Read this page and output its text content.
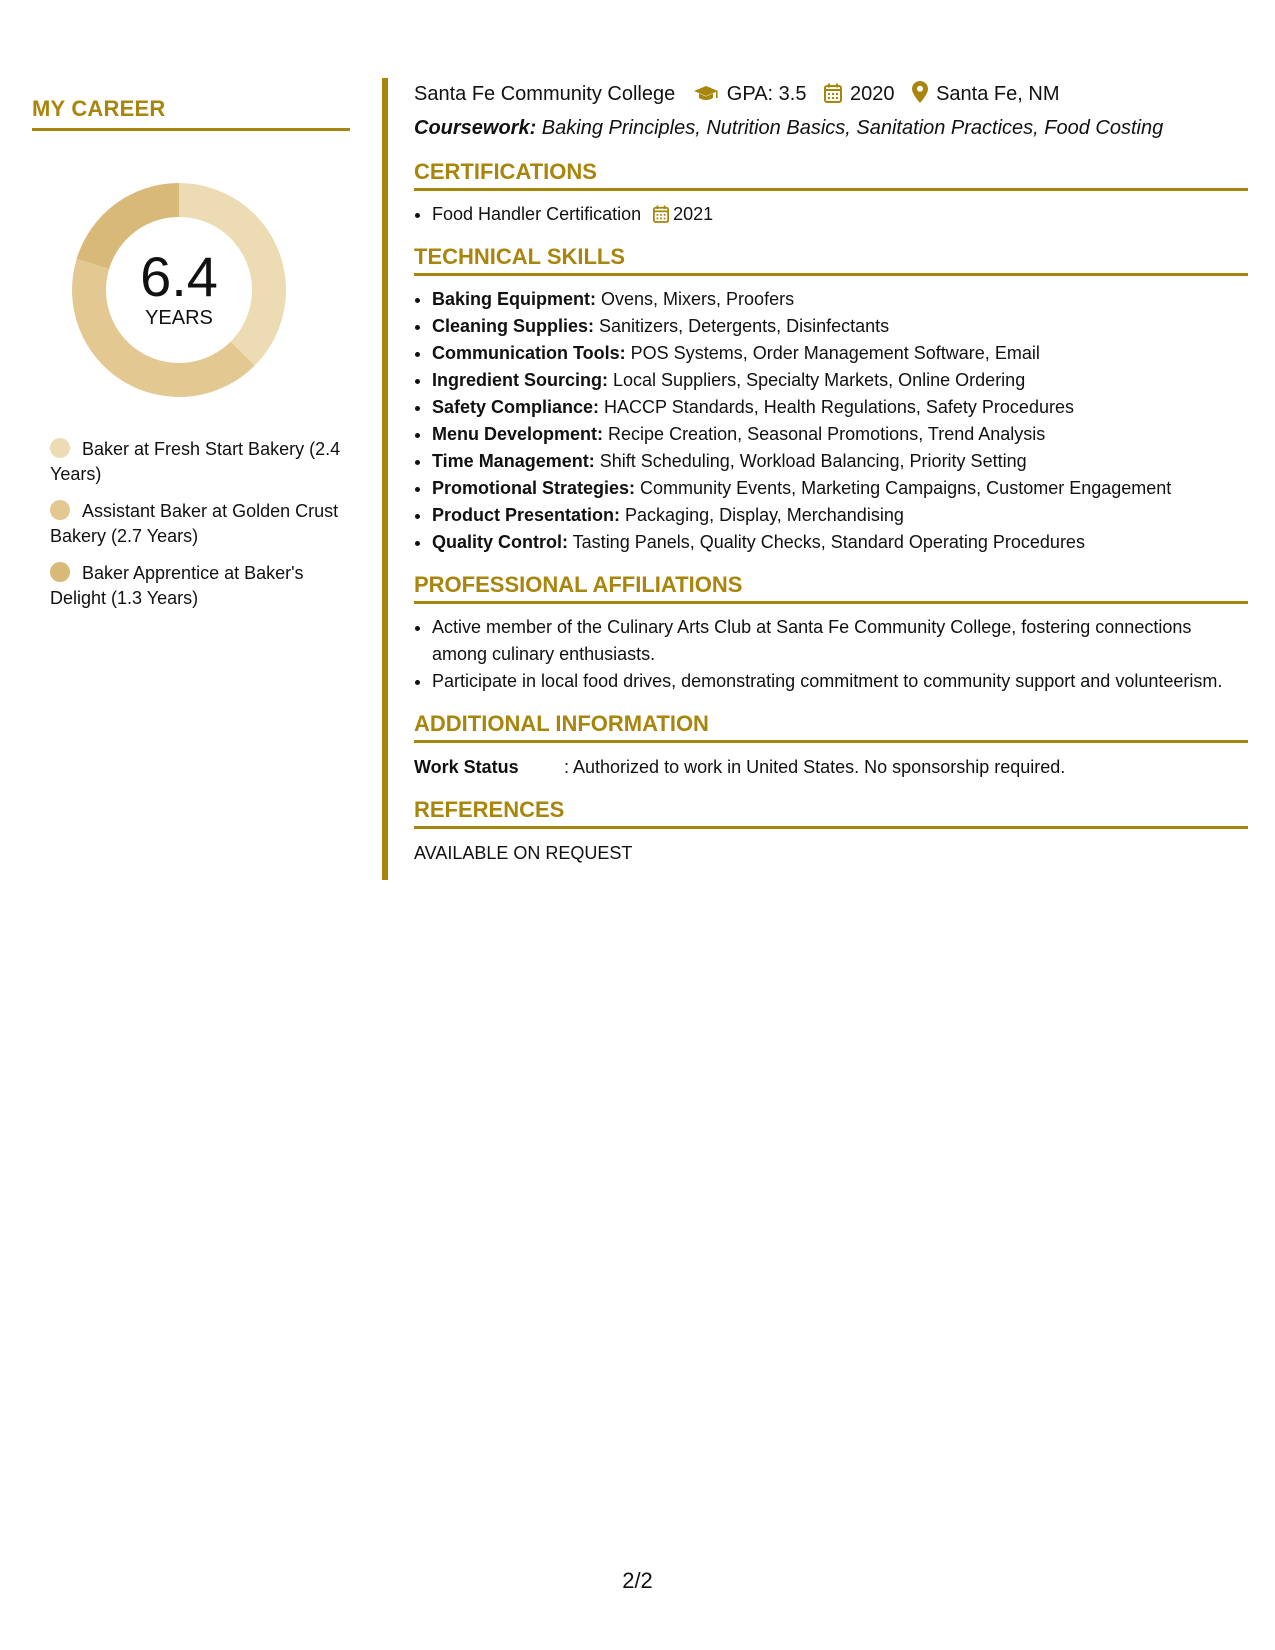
MY CAREER
6.4
YEARS
Baker at Fresh Start Bakery (2.4 Years)
Assistant Baker at Golden Crust Bakery (2.7 Years)
Baker Apprentice at Baker's Delight (1.3 Years)
Santa Fe Community College	GPA: 3.5 2020 Santa Fe, NM
Coursework: Baking Principles, Nutrition Basics, Sanitation Practices, Food Costing
CERTIFICATIONS
• Food Handler Certification 2021
TECHNICAL SKILLS
• Baking Equipment: Ovens, Mixers, Proofers
• Cleaning Supplies: Sanitizers, Detergents, Disinfectants
• Communication Tools: POS Systems, Order Management Software, Email
• Ingredient Sourcing: Local Suppliers, Specialty Markets, Online Ordering
• Safety Compliance: HACCP Standards, Health Regulations, Safety Procedures
• Menu Development: Recipe Creation, Seasonal Promotions, Trend Analysis
• Time Management: Shift Scheduling, Workload Balancing, Priority Setting
• Promotional Strategies: Community Events, Marketing Campaigns, Customer Engagement
• Product Presentation: Packaging, Display, Merchandising
• Quality Control: Tasting Panels, Quality Checks, Standard Operating Procedures
PROFESSIONAL AFFILIATIONS
• Active member of the Culinary Arts Club at Santa Fe Community College, fostering connections among culinary enthusiasts.
• Participate in local food drives, demonstrating commitment to community support and volunteerism.
ADDITIONAL INFORMATION
Work Status	: Authorized to work in United States. No sponsorship required.
REFERENCES
AVAILABLE ON REQUEST
2/2
